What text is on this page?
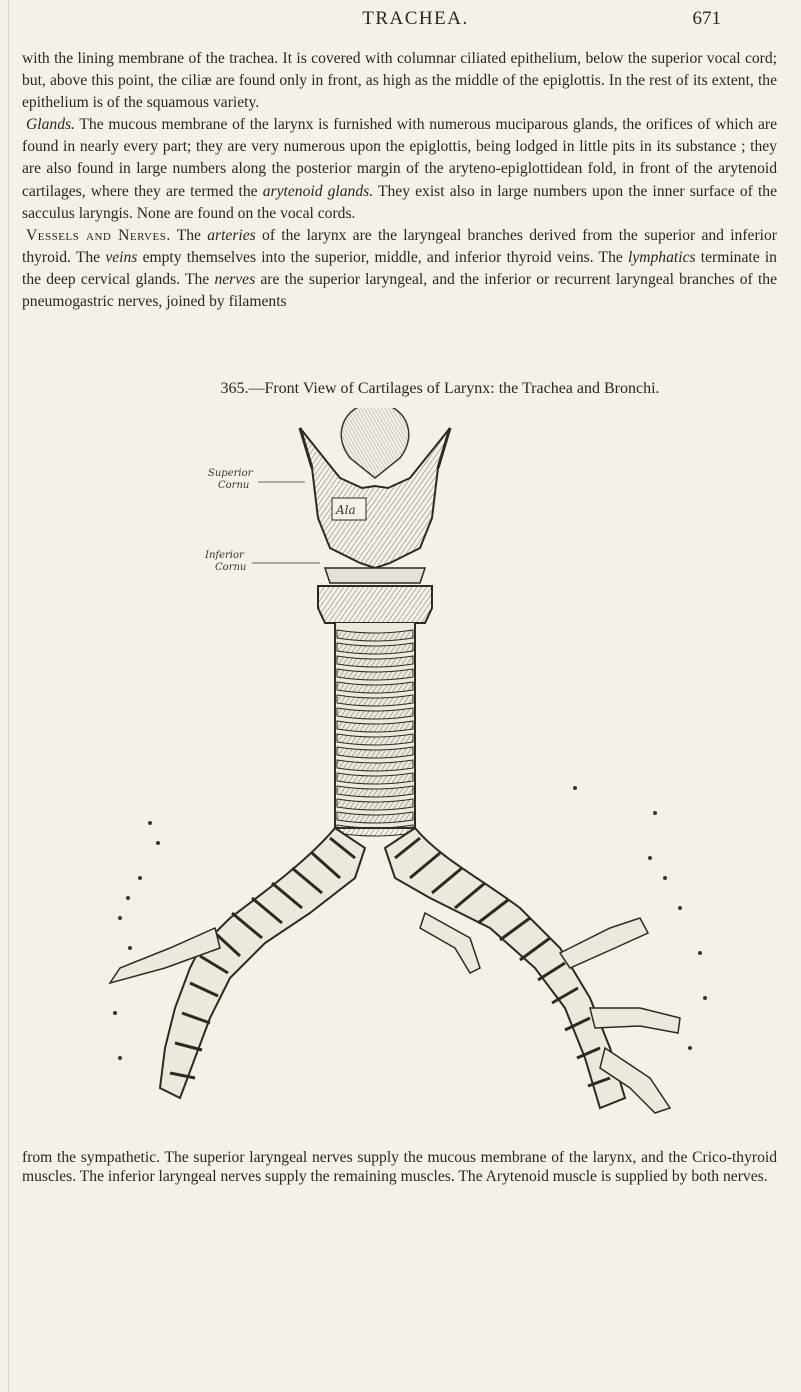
TRACHEA.	671

with the lining membrane of the trachea. It is covered with columnar ciliated epithelium, below the superior vocal cord; but, above this point, the ciliæ are found only in front, as high as the middle of the epiglottis. In the rest of its extent, the epithelium is of the squamous variety.

Glands. The mucous membrane of the larynx is furnished with numerous muciparous glands, the orifices of which are found in nearly every part; they are very numerous upon the epiglottis, being lodged in little pits in its substance ; they are also found in large numbers along the posterior margin of the aryteno-epiglottidean fold, in front of the arytenoid cartilages, where they are termed the arytenoid glands. They exist also in large numbers upon the inner surface of the sacculus laryngis. None are found on the vocal cords.

Vessels and Nerves. The arteries of the larynx are the laryngeal branches derived from the superior and inferior thyroid. The veins empty themselves into the superior, middle, and inferior thyroid veins. The lymphatics terminate in the deep cervical glands. The nerves are the superior laryngeal, and the inferior or recurrent laryngeal branches of the pneumogastric nerves, joined by filaments

365.—Front View of Cartilages of Larynx: the Trachea and Bronchi.
Ala
Superior
Cornu
Inferior
Cornu
from the sympathetic. The superior laryngeal nerves supply the mucous membrane of the larynx, and the Crico-thyroid muscles. The inferior laryngeal nerves supply the remaining muscles. The Arytenoid muscle is supplied by both nerves.
